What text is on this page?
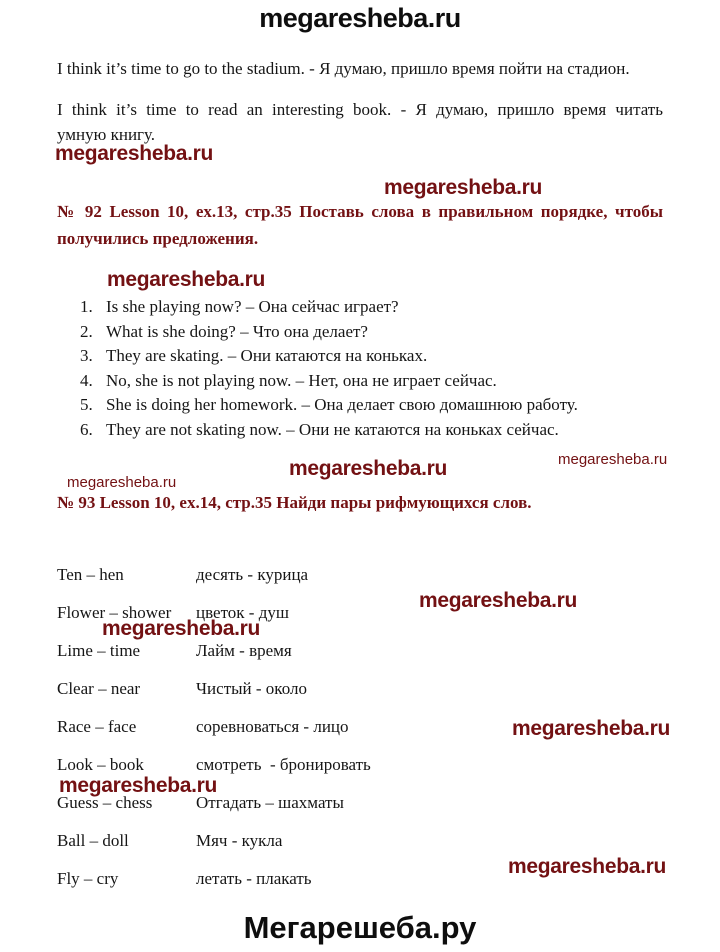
megaresheba.ru
I think it’s time to go to the stadium. - Я думаю, пришло время пойти на стадион.
I think it’s time to read an interesting book. - Я думаю, пришло время читать
умную книгу.
megaresheba.ru
megaresheba.ru
№ 92 Lesson 10, ex.13, стр.35 Поставь слова в правильном порядке, чтобы
получились предложения.
megaresheba.ru
1. Is she playing now? – Она сейчас играет?
2. What is she doing? – Что она делает?
3. They are skating. – Они катаются на коньках.
4. No, she is not playing now. – Нет, она не играет сейчас.
5. She is doing her homework. – Она делает свою домашнюю работу.
6. They are not skating now. – Они не катаются на коньках сейчас.
megaresheba.ru
megaresheba.ru
megaresheba.ru
№ 93 Lesson 10, ex.14, стр.35 Найди пары рифмующихся слов.
Ten – hen	десять - курица
Flower – shower	цветок - душ
Lime – time	Лайм - время
Clear – near	Чистый - около
Race – face	соревноваться - лицо
Look – book	смотреть  - бронировать
Guess – chess	Отгадать – шахматы
Ball – doll	Мяч - кукла
Fly – cry	летать - плакать
megaresheba.ru
megaresheba.ru
megaresheba.ru
megaresheba.ru
megaresheba.ru
Мегарешеба.ру
